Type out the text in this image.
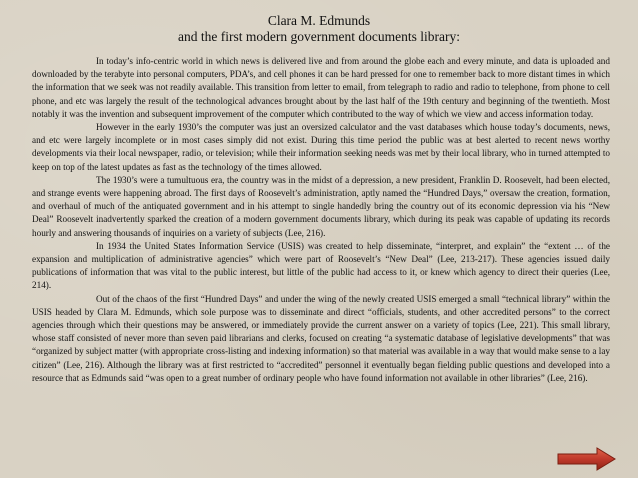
Clara M. Edmunds
and the first modern government documents library:

In today’s info-centric world in which news is delivered live and from around the globe each and every minute, and data is uploaded and downloaded by the terabyte into personal computers, PDA’s, and cell phones it can be hard pressed for one to remember back to more distant times in which the information that we seek was not readily available. This transition from letter to email, from telegraph to radio and radio to telephone, from phone to cell phone, and etc was largely the result of the technological advances brought about by the last half of the 19th century and beginning of the twentieth. Most notably it was the invention and subsequent improvement of the computer which contributed to the way of which we view and access information today.

However in the early 1930’s the computer was just an oversized calculator and the vast databases which house today’s documents, news, and etc were largely incomplete or in most cases simply did not exist. During this time period the public was at best alerted to recent news worthy developments via their local newspaper, radio, or television; while their information seeking needs was met by their local library, who in turned attempted to keep on top of the latest updates as fast as the technology of the times allowed.

The 1930’s were a tumultuous era, the country was in the midst of a depression, a new president, Franklin D. Roosevelt, had been elected, and strange events were happening abroad. The first days of Roosevelt’s administration, aptly named the “Hundred Days,” oversaw the creation, formation, and overhaul of much of the antiquated government and in his attempt to single handedly bring the country out of its economic depression via his “New Deal” Roosevelt inadvertently sparked the creation of a modern government documents library, which during its peak was capable of updating its records hourly and answering thousands of inquiries on a variety of subjects (Lee, 216).

In 1934 the United States Information Service (USIS) was created to help disseminate, “interpret, and explain” the “extent … of the expansion and multiplication of administrative agencies” which were part of Roosevelt’s “New Deal” (Lee, 213-217). These agencies issued daily publications of information that was vital to the public interest, but little of the public had access to it, or knew which agency to direct their queries (Lee, 214).

Out of the chaos of the first “Hundred Days” and under the wing of the newly created USIS emerged a small “technical library” within the USIS headed by Clara M. Edmunds, which sole purpose was to disseminate and direct “officials, students, and other accredited persons” to the correct agencies through which their questions may be answered, or immediately provide the current answer on a variety of topics (Lee, 221). This small library, whose staff consisted of never more than seven paid librarians and clerks, focused on creating “a systematic database of legislative developments” that was “organized by subject matter (with appropriate cross-listing and indexing information) so that material was available in a way that would make sense to a lay citizen” (Lee, 216). Although the library was at first restricted to “accredited” personnel it eventually began fielding public questions and developed into a resource that as Edmunds said “was open to a great number of ordinary people who have found information not available in other libraries” (Lee, 216).
